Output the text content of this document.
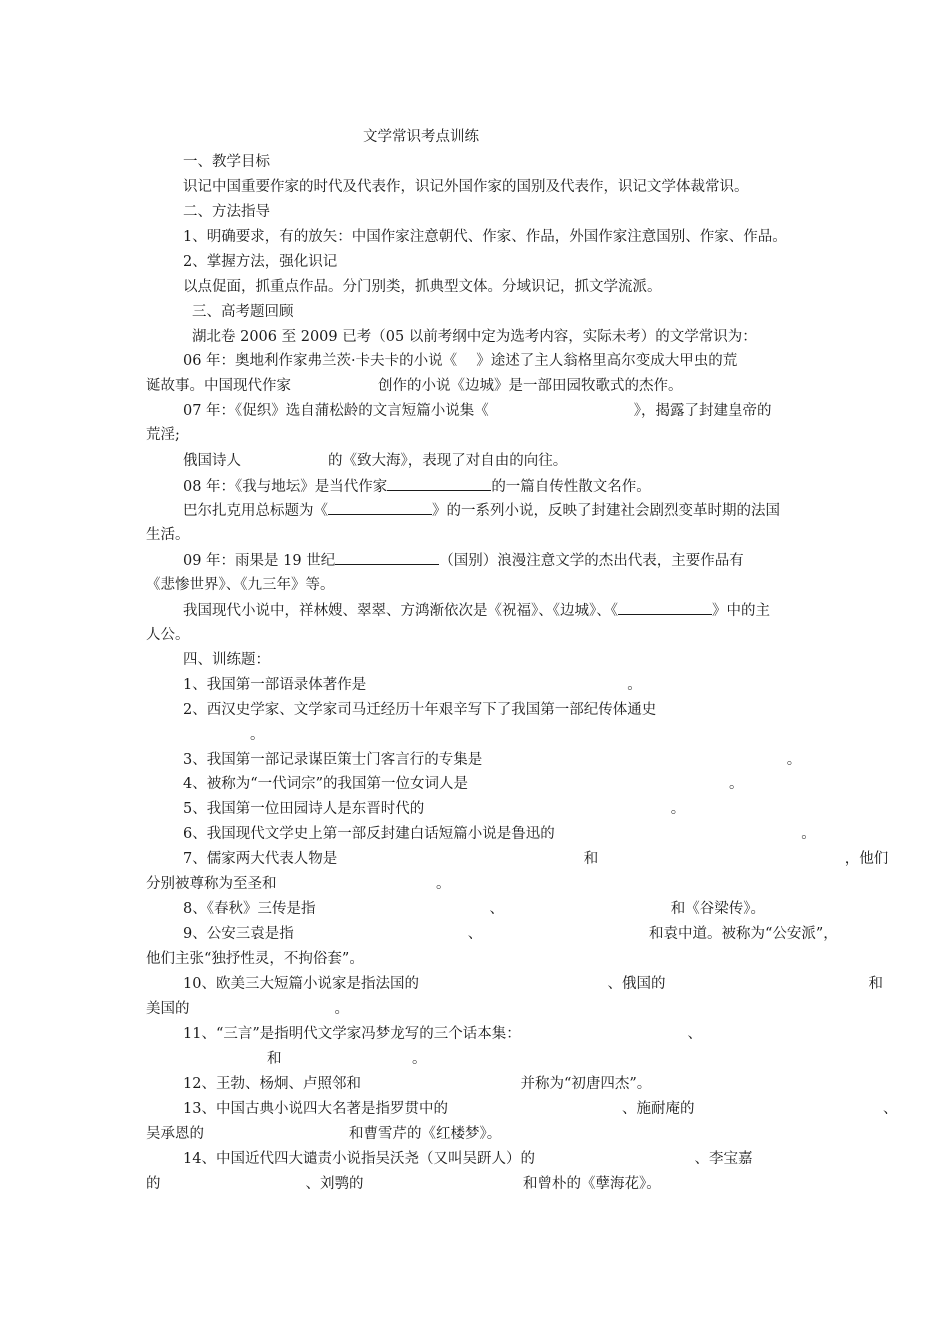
文学常识考点训练
一、教学目标
识记中国重要作家的时代及代表作，识记外国作家的国别及代表作，识记文学体裁常识。
二、方法指导
1、明确要求，有的放矢：中国作家注意朝代、作家、作品，外国作家注意国别、作家、作品。
2、掌握方法，强化识记
以点促面，抓重点作品。分门别类，抓典型文体。分域识记，抓文学流派。
三、高考题回顾
湖北卷 2006 至 2009 已考（05 以前考纲中定为选考内容，实际未考）的文学常识为：
06 年：奥地利作家弗兰茨·卡夫卡的小说《　 》途述了主人翁格里高尔变成大甲虫的荒
诞故事。中国现代作家　　　　　　创作的小说《边城》是一部田园牧歌式的杰作。
07 年：《促织》选自蒲松龄的文言短篇小说集《　　　　　　　　　　》，揭露了封建皇帝的
荒淫;
俄国诗人　　　　　　的《致大海》，表现了对自由的向往。
08 年：《我与地坛》是当代作家	的一篇自传性散文名作。
巴尔扎克用总标题为《	》的一系列小说，反映了封建社会剧烈变革时期的法国
生活。
09 年：雨果是 19 世纪	（国别）浪漫注意文学的杰出代表，主要作品有
《悲惨世界》、《九三年》等。
我国现代小说中，祥林嫂、翠翠、方鸿渐依次是《祝福》、《边城》、《	》中的主
人公。
四、训练题：
1、我国第一部语录体著作是　　　　　　　　　　　　　　　　　　。
2、西汉史学家、文学家司马迁经历十年艰辛写下了我国第一部纪传体通史
。
3、我国第一部记录谋臣策士门客言行的专集是　　　　　　　　　　　　　　　　　　　　　。
4、被称为“一代词宗”的我国第一位女词人是　　　　　　　　　　　　　　　　　　。
5、我国第一位田园诗人是东晋时代的　　　　　　　　　　　　　　　　　。
6、我国现代文学史上第一部反封建白话短篇小说是鲁迅的　　　　　　　　　　　　　　　　　。
7、儒家两大代表人物是　　　　　　　　　　　　　　　　　和　　　　　　　　　　　　　　　　　，他们
分别被尊称为至圣和　　　　　　　　　　　。
8、《春秋》三传是指　　　　　　　　　　　　、　　　　　　　　　　　　和《谷梁传》。
9、公安三袁是指　　　　　　　　　　　　、　　　　　　　　　　　　和袁中道。被称为“公安派”，
他们主张“独抒性灵，不拘俗套”。
10、欧美三大短篇小说家是指法国的　　　　　　　　　　　　　、俄国的　　　　　　　　　　　　　　和
美国的　　　　　　　　　　。
11、“三言”是指明代文学家冯梦龙写的三个话本集：　　　　　　　　　　　　、
和　　　　　　　　　。
12、王勃、杨炯、卢照邻和　　　　　　　　　　　并称为“初唐四杰”。
13、中国古典小说四大名著是指罗贯中的　　　　　　　　　　　　、施耐庵的　　　　　　　　　　　　　、
吴承恩的　　　　　　　　　　和曹雪芹的《红楼梦》。
14、中国近代四大谴责小说指吴沃尧（又叫吴趼人）的　　　　　　　　　　　、李宝嘉
的　　　　　　　　　　、刘鹗的　　　　　　　　　　　和曾朴的《孽海花》。
